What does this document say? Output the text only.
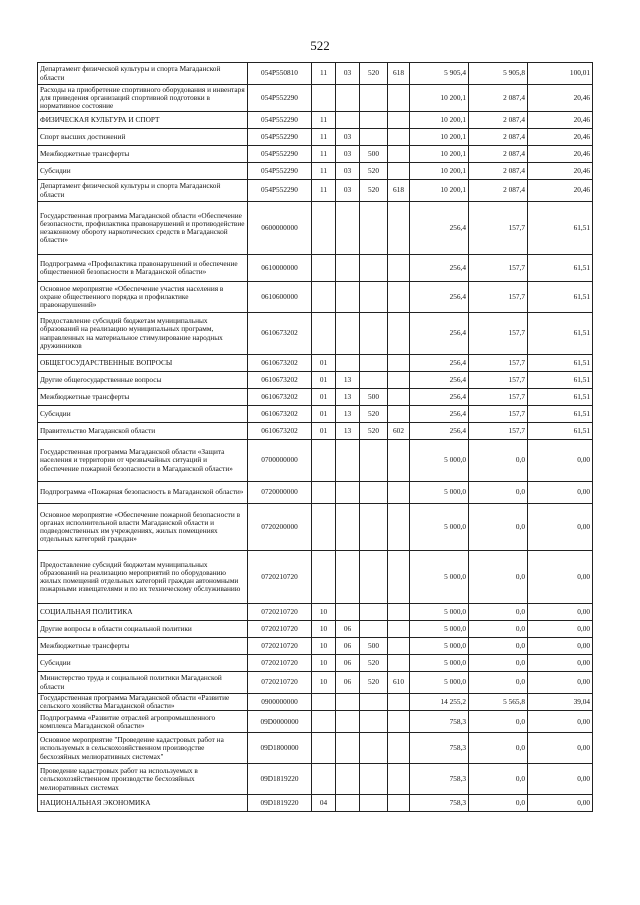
522
Департамент физической культуры и спорта Магаданской области	054P550810	11	03	520	618	5 905,4	5 905,8	100,01
Расходы на приобретение спортивного оборудования и инвентаря для приведения организаций спортивной подготовки в нормативное состояние	054P552290					10 200,1	2 087,4	20,46
ФИЗИЧЕСКАЯ КУЛЬТУРА И СПОРТ	054P552290	11				10 200,1	2 087,4	20,46
Спорт высших достижений	054P552290	11	03			10 200,1	2 087,4	20,46
Межбюджетные трансферты	054P552290	11	03	500		10 200,1	2 087,4	20,46
Субсидии	054P552290	11	03	520		10 200,1	2 087,4	20,46
Департамент физической культуры и спорта Магаданской области	054P552290	11	03	520	618	10 200,1	2 087,4	20,46
Государственная программа Магаданской области «Обеспечение безопасности, профилактика правонарушений и противодействие незаконному обороту наркотических средств в Магаданской области»	0600000000					256,4	157,7	61,51
Подпрограмма «Профилактика правонарушений и обеспечение общественной безопасности в Магаданской области»	0610000000					256,4	157,7	61,51
Основное мероприятие «Обеспечение участия населения в охране общественного порядка и профилактике правонарушений»	0610600000					256,4	157,7	61,51
Предоставление субсидий бюджетам муниципальных образований на реализацию муниципальных программ, направленных на материальное стимулирование народных дружинников	0610673202					256,4	157,7	61,51
ОБЩЕГОСУДАРСТВЕННЫЕ ВОПРОСЫ	0610673202	01				256,4	157,7	61,51
Другие общегосударственные вопросы	0610673202	01	13			256,4	157,7	61,51
Межбюджетные трансферты	0610673202	01	13	500		256,4	157,7	61,51
Субсидии	0610673202	01	13	520		256,4	157,7	61,51
Правительство Магаданской области	0610673202	01	13	520	602	256,4	157,7	61,51
Государственная программа Магаданской области «Защита населения и территории от чрезвычайных ситуаций и обеспечение пожарной безопасности в Магаданской области»	0700000000					5 000,0	0,0	0,00
Подпрограмма «Пожарная безопасность в Магаданской области»	0720000000					5 000,0	0,0	0,00
Основное мероприятие «Обеспечение пожарной безопасности в органах исполнительной власти Магаданской области и подведомственных им учреждениях, жилых помещениях отдельных категорий граждан»	0720200000					5 000,0	0,0	0,00
Предоставление субсидий бюджетам муниципальных образований на реализацию мероприятий по оборудованию жилых помещений отдельных категорий граждан автономными пожарными извещателями и по их техническому обслуживанию	0720210720					5 000,0	0,0	0,00
СОЦИАЛЬНАЯ ПОЛИТИКА	0720210720	10				5 000,0	0,0	0,00
Другие вопросы в области социальной политики	0720210720	10	06			5 000,0	0,0	0,00
Межбюджетные трансферты	0720210720	10	06	500		5 000,0	0,0	0,00
Субсидии	0720210720	10	06	520		5 000,0	0,0	0,00
Министерство труда и социальной политики Магаданской области	0720210720	10	06	520	610	5 000,0	0,0	0,00
Государственная программа Магаданской области «Развитие сельского хозяйства Магаданской области»	0900000000					14 255,2	5 565,8	39,04
Подпрограмма «Развитие отраслей агропромышленного комплекса Магаданской области»	09D0000000					758,3	0,0	0,00
Основное мероприятие "Проведение кадастровых работ на используемых в сельскохозяйственном производстве бесхозяйных мелиоративных системах"	09D1800000					758,3	0,0	0,00
Проведение кадастровых работ на используемых в сельскохозяйственном производстве бесхозяйных мелиоративных системах	09D1819220					758,3	0,0	0,00
НАЦИОНАЛЬНАЯ ЭКОНОМИКА	09D1819220	04				758,3	0,0	0,00
